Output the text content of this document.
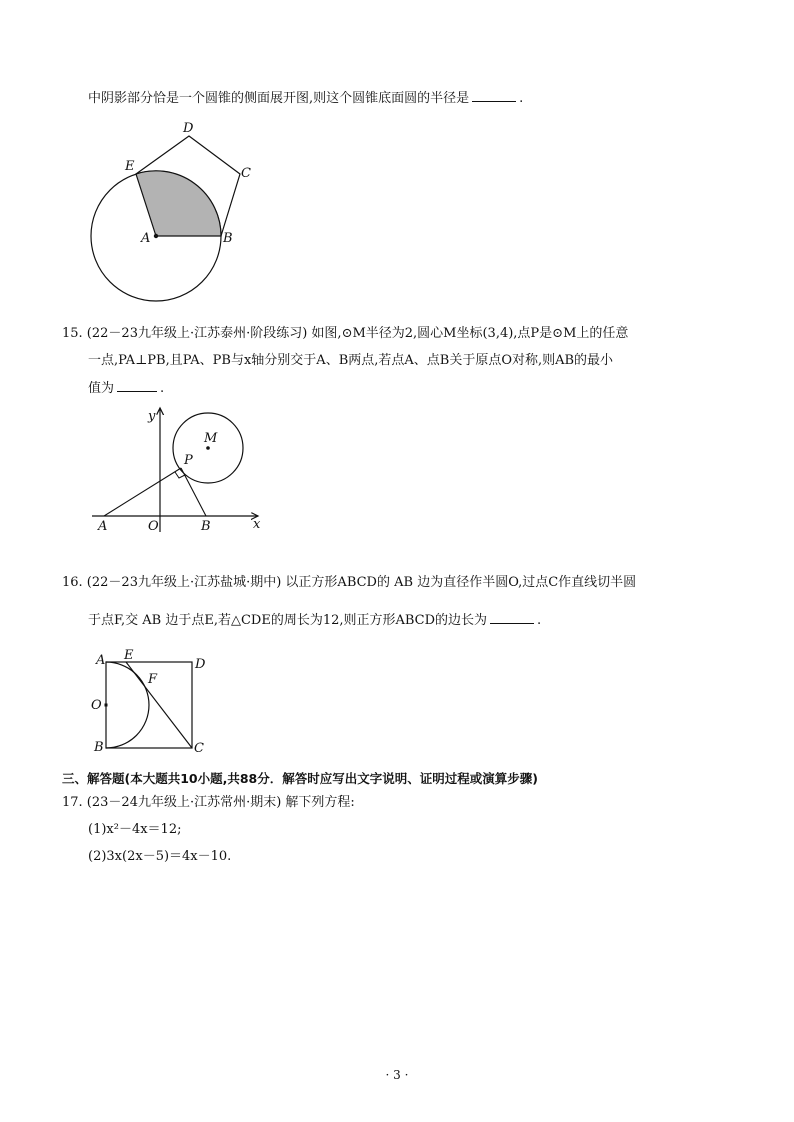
中阴影部分恰是一个圆锥的侧面展开图,则这个圆锥底面圆的半径是	.
D
E	C
A	B
15. (22－23九年级上·江苏泰州·阶段练习) 如图,⊙M半径为2,圆心M坐标(3,4),点P是⊙M上的任意
一点,PA⊥PB,且PA、PB与x轴分别交于A、B两点,若点A、点B关于原点O对称,则AB的最小
值为	.
M
P
y
x
A	O	B
16. (22－23九年级上·江苏盐城·期中) 以正方形ABCD的 AB 边为直径作半圆O,过点C作直线切半圆
于点F,交 AB 边于点E,若△CDE的周长为12,则正方形ABCD的边长为	.
A E
D
F
O
B	C
三、解答题(本大题共10小题,共88分．解答时应写出文字说明、证明过程或演算步骤)
17. (23－24九年级上·江苏常州·期末) 解下列方程:
(1)x²－4x＝12;
(2)3x(2x－5)＝4x－10.
· 3 ·
